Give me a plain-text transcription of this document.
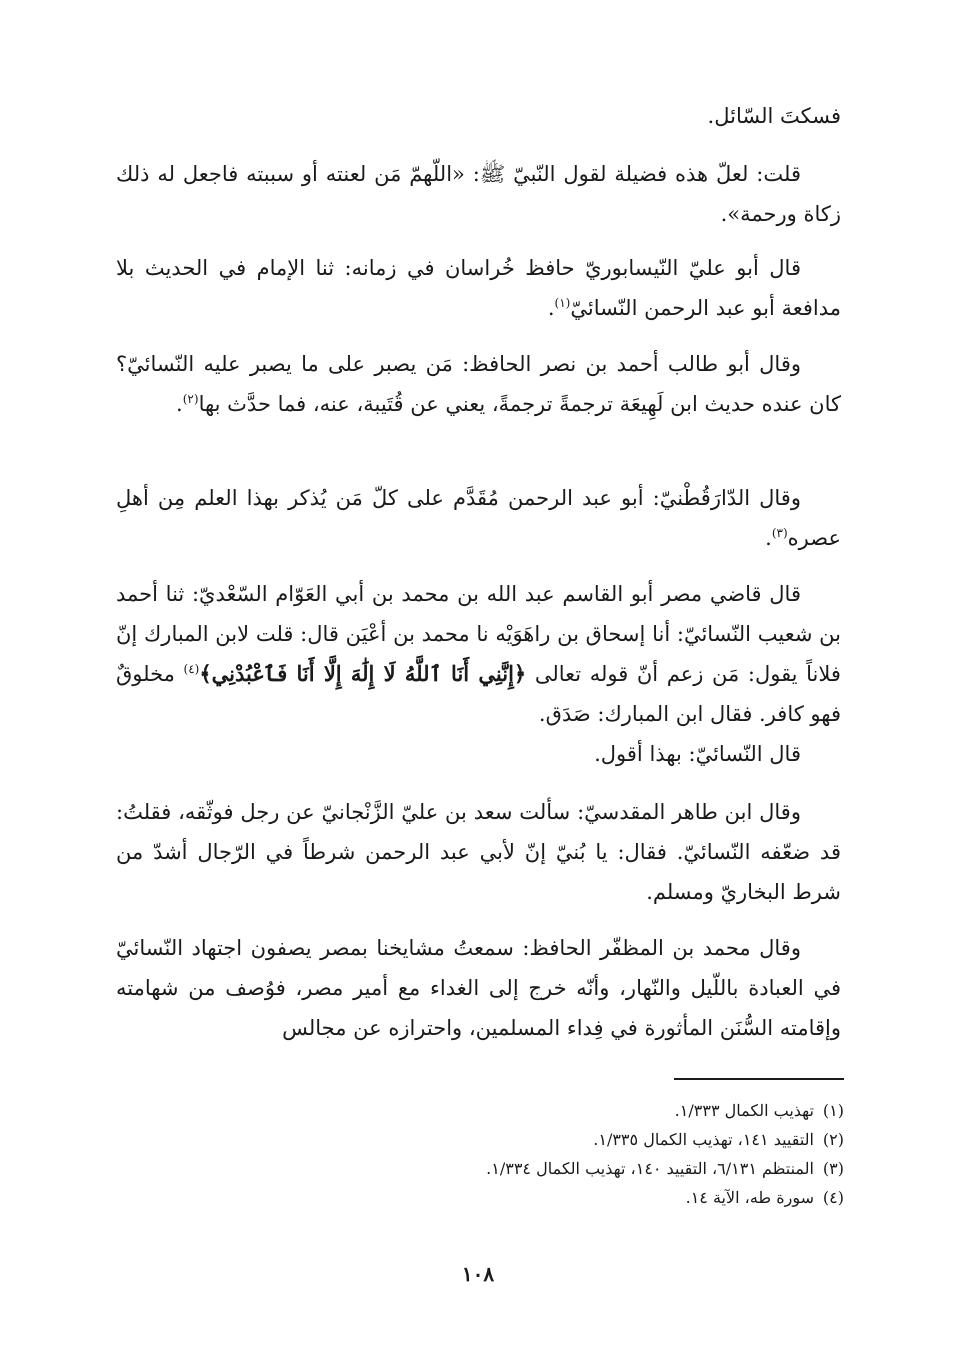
فسكتَ السّائل.

قلت: لعلّ هذه فضيلة لقول النّبيّ ﷺ: «اللّهمّ مَن لعنته أو سببته فاجعل له ذلك زكاة ورحمة».

قال أبو عليّ النّيسابوريّ حافظ خُراسان في زمانه: ثنا الإمام في الحديث بلا مدافعة أبو عبد الرحمن النّسائيّ$^{(١)}$.

وقال أبو طالب أحمد بن نصر الحافظ: مَن يصبر على ما يصبر عليه النّسائيّ؟ كان عنده حديث ابن لَهِيعَة ترجمةً ترجمةً، يعني عن قُتَيبة، عنه، فما حدَّث بها$^{(٢)}$.

وقال الدّارَقُطْنيّ: أبو عبد الرحمن مُقَدَّم على كلّ مَن يُذكر بهذا العلم مِن أهلِ عصره$^{(٣)}$.

قال قاضي مصر أبو القاسم عبد الله بن محمد بن أبي العَوّام السّعْديّ: ثنا أحمد بن شعيب النّسائيّ: أنا إسحاق بن راهَوَيْه نا محمد بن أعْيَن قال: قلت لابن المبارك إنّ فلاناً يقول: مَن زعم أنّ قوله تعالى ﴿إِنَّنِي أَنَا ٱللَّهُ لَا إِلَٰهَ إِلَّا أَنَا فَٱعْبُدْنِي﴾$^{(٤)}$ مخلوقٌ فهو كافر. فقال ابن المبارك: صَدَق.

قال النّسائيّ: بهذا أقول.

وقال ابن طاهر المقدسيّ: سألت سعد بن عليّ الزَّنْجانيّ عن رجل فوثّقه، فقلتُ: قد ضعّفه النّسائيّ. فقال: يا بُنيّ إنّ لأبي عبد الرحمن شرطاً في الرّجال أشدّ من شرط البخاريّ ومسلم.

وقال محمد بن المظفّر الحافظ: سمعتُ مشايخنا بمصر يصفون اجتهاد النّسائيّ في العبادة باللّيل والنّهار، وأنّه خرج إلى الغداء مع أمير مصر، فوُصف من شهامته وإقامته السُّنَن المأثورة في فِداء المسلمين، واحترازه عن مجالس

(١)تهذيب الكمال ١/٣٣٣.

(٢)التقييد ١٤١، تهذيب الكمال ١/٣٣٥.

(٣)المنتظم ٦/١٣١، التقييد ١٤٠، تهذيب الكمال ١/٣٣٤.

(٤)سورة طه، الآية ١٤.

١٠٨
